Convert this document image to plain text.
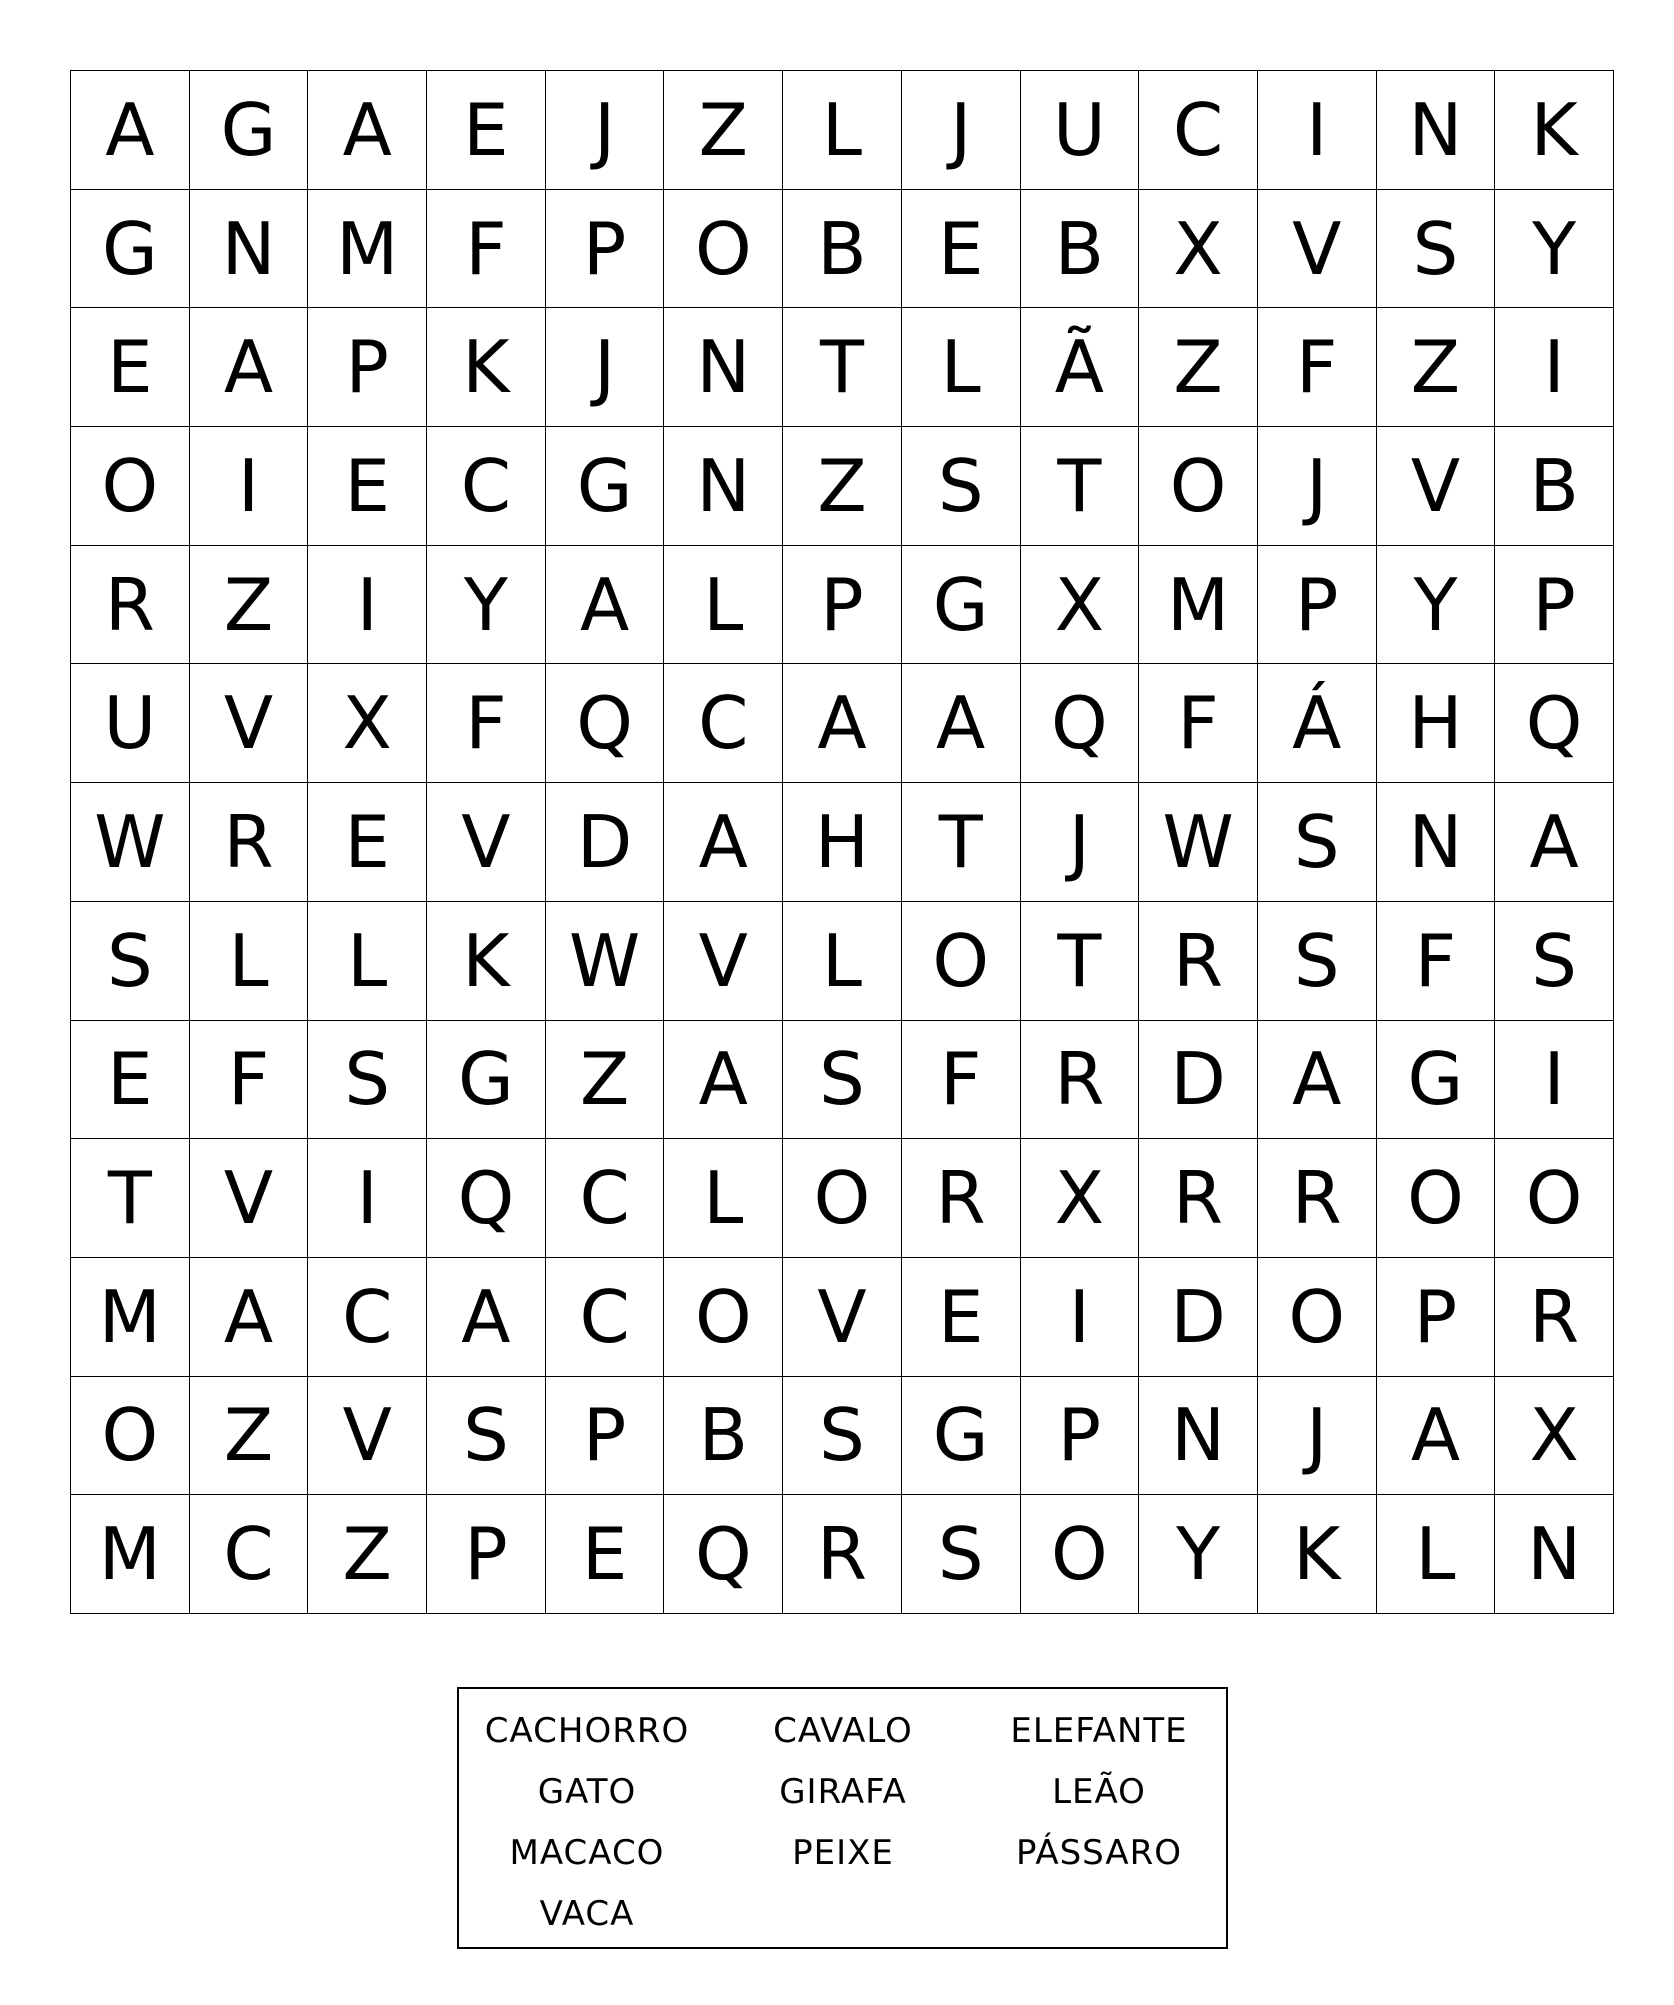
A G A E	J	Z	L	J	U C	I	N K
G N M F	P O B E B X V S	Y
E A	P	K	J	N T	L	Ã Z	F	Z	I
O	I	E C G N Z S	T O	J	V B
R Z	I	Y	A	L	P G X M P	Y	P
U V X	F Q C A A Q F	Á H Q
W R E V D A H T	J	W S N A
S	L	L	K W V	L O T R S	F	S
E	F	S G Z A S	F	R D A G	I
T	V	I	Q C	L O R X R R O O
M A C A C O V E	I	D O P R
O Z V S	P	B S G P N	J	A X
M C Z	P	E Q R S O Y	K	L N
CACHORRO	CAVALO	ELEFANTE
GATO	GIRAFA	LEÃO
MACACO	PEIXE	PÁSSARO
VACA
